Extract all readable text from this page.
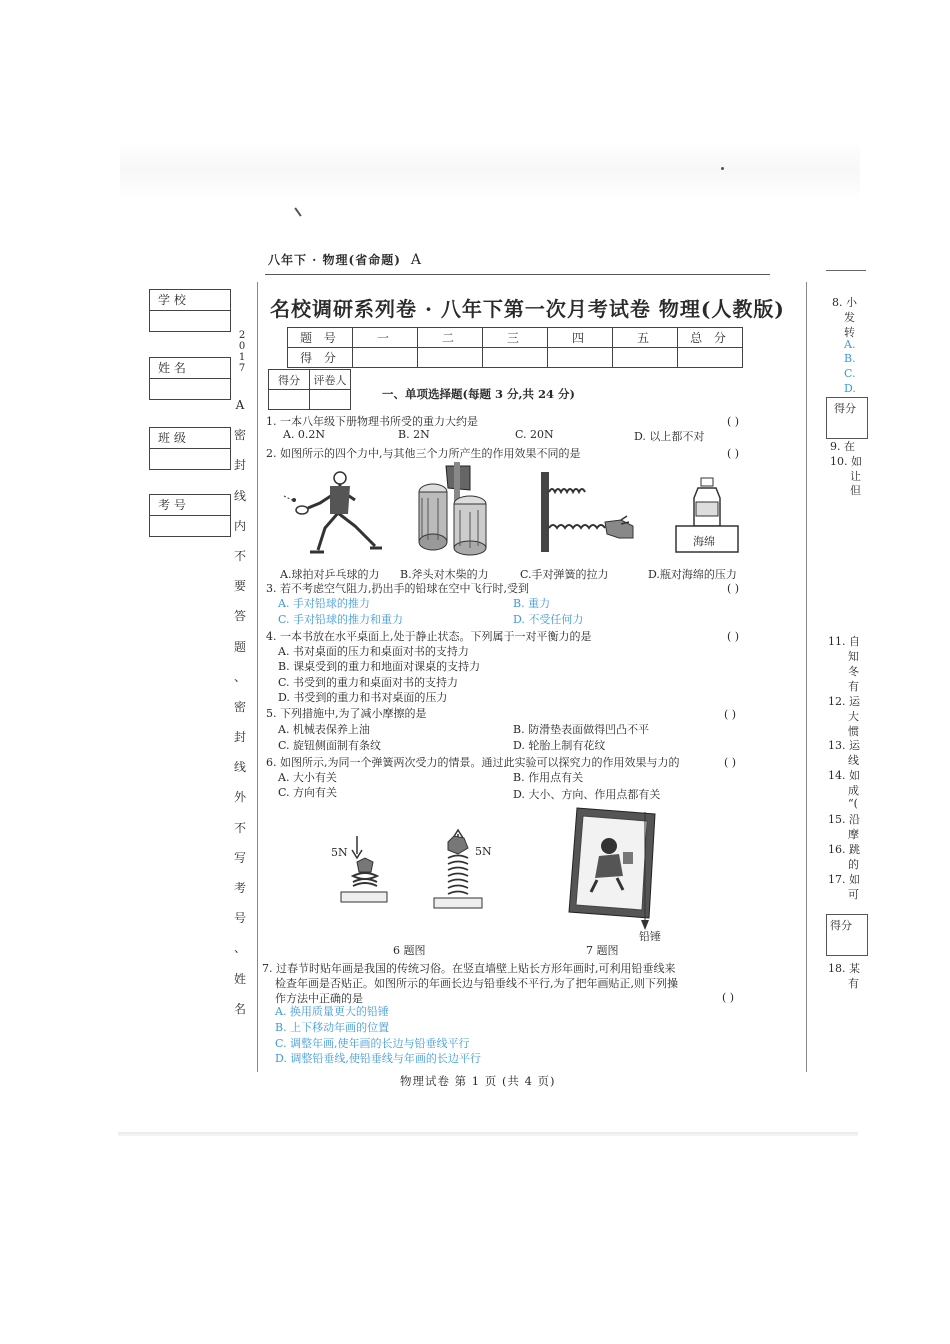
八年下 · 物理(省命题) A
名校调研系列卷 · 八年下第一次月考试卷 物理(人教版)
学 校
姓 名
班 级
考 号
2
0
1
7
A
密
封
线
内
不
要
答
题
、
密
封
线
外
不
写
考
号
、
姓
名
题 号	一	二	三	四	五	总 分
得 分						
得分	评卷人

一、单项选择题(每题 3 分,共 24 分)
1. 一本八年级下册物理书所受的重力大约是	( )
A. 0.2N	B. 2N	C. 20N	D. 以上都不对
2. 如图所示的四个力中,与其他三个力所产生的作用效果不同的是	( )
海绵
A.球拍对乒乓球的力 B.斧头对木柴的力	C.手对弹簧的拉力	D.瓶对海绵的压力
3. 若不考虑空气阻力,扔出手的铅球在空中飞行时,受到	( )
A. 手对铅球的推力	B. 重力
C. 手对铅球的推力和重力	D. 不受任何力
4. 一本书放在水平桌面上,处于静止状态。下列属于一对平衡力的是	( )
A. 书对桌面的压力和桌面对书的支持力
B. 课桌受到的重力和地面对课桌的支持力
C. 书受到的重力和桌面对书的支持力
D. 书受到的重力和书对桌面的压力
5. 下列措施中,为了减小摩擦的是	( )
A. 机械表保养上油	B. 防滑垫表面做得凹凸不平
C. 旋钮侧面制有条纹	D. 轮胎上制有花纹
6. 如图所示,为同一个弹簧两次受力的情景。通过此实验可以探究力的作用效果与力的	( )
A. 大小有关	B. 作用点有关
C. 方向有关	D. 大小、方向、作用点都有关
5N	5N
铅锤
6 题图	7 题图
7. 过春节时贴年画是我国的传统习俗。在竖直墙壁上贴长方形年画时,可利用铅垂线来
检查年画是否贴正。如图所示的年画长边与铅垂线不平行,为了把年画贴正,则下列操
作方法中正确的是	( )
A. 换用质量更大的铅锤
B. 上下移动年画的位置
C. 调整年画,使年画的长边与铅垂线平行
D. 调整铅垂线,使铅垂线与年画的长边平行
物理试卷 第 1 页 (共 4 页)
8. 小
发
转
A.
B.
C.
D.
得分
9. 在
10. 如
让
但
11. 自
知
冬
有
12. 运
大
惯
13. 运
线
14. 如
成
“(
15. 沿
摩
16. 跳
的
17. 如
可
得分
18. 某
有
